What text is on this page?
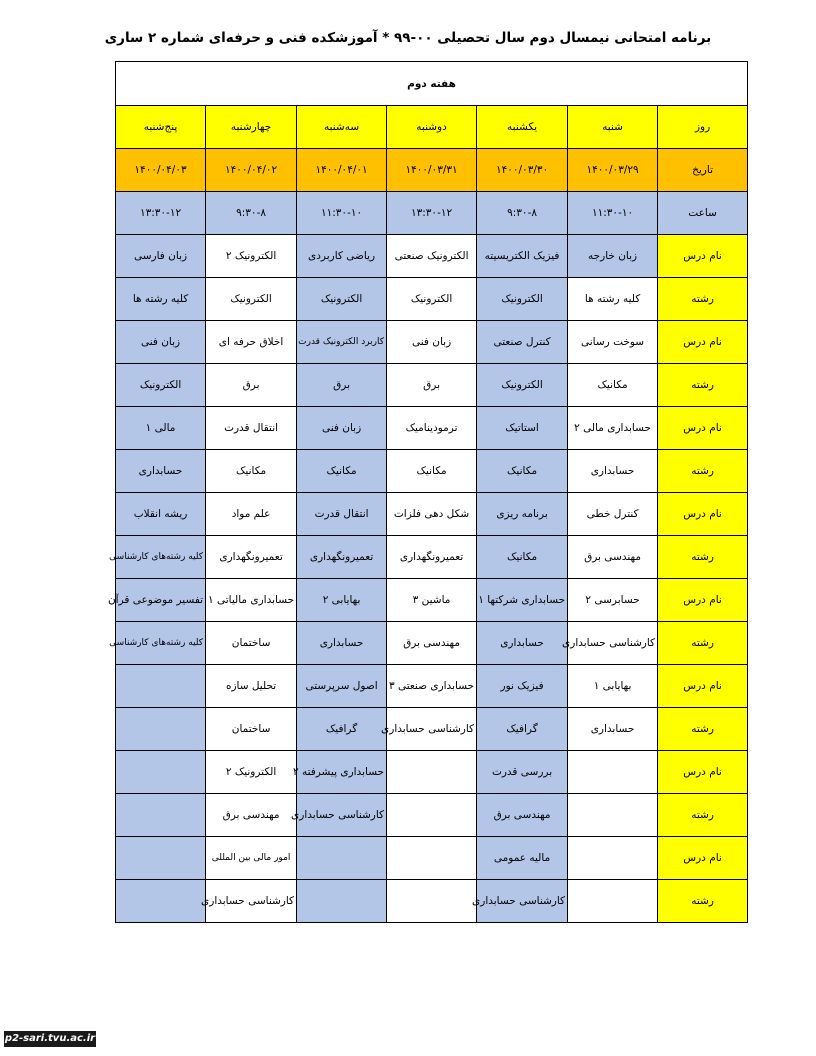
برنامه امتحانی نیمسال دوم سال تحصیلی ۰۰-۹۹ * آموزشکده فنی و حرفه‌ای شماره ۲ ساری
هفته دوم						
روز	شنبه	یکشنبه	دوشنبه	سه‌شنبه	چهارشنبه	پنج‌شنبه
تاریخ	۱۴۰۰/۰۳/۲۹	۱۴۰۰/۰۳/۳۰	۱۴۰۰/۰۳/۳۱	۱۴۰۰/۰۴/۰۱	۱۴۰۰/۰۴/۰۲	۱۴۰۰/۰۴/۰۳
ساعت	۱۱:۳۰-۱۰	۹:۳۰-۸	۱۳:۳۰-۱۲	۱۱:۳۰-۱۰	۹:۳۰-۸	۱۳:۳۰-۱۲
نام درس	زبان خارجه	فیزیک الکتریسیته	الکترونیک صنعتی	ریاضی کاربردی	الکترونیک ۲	زبان فارسی
رشته	کلیه رشته ها	الکترونیک	الکترونیک	الکترونیک	الکترونیک	کلیه رشته ها
نام درس	سوخت رسانی	کنترل صنعتی	زبان فنی	کاربرد الکترونیک قدرت	اخلاق حرفه ای	زبان فنی
رشته	مکانیک	الکترونیک	برق	برق	برق	الکترونیک
نام درس	حسابداری مالی ۲	استاتیک	ترمودینامیک	زبان فنی	انتقال قدرت	مالی ۱
رشته	حسابداری	مکانیک	مکانیک	مکانیک	مکانیک	حسابداری
نام درس	کنترل خطی	برنامه ریزی	شکل دهی فلزات	انتقال قدرت	علم مواد	ریشه انقلاب
رشته	مهندسی برق	مکانیک	تعمیرونگهداری	تعمیرونگهداری	تعمیرونگهداری	کلیه رشته‌های کارشناسی
نام درس	حسابرسی ۲	حسابداری شرکتها ۱	ماشین ۳	بهایابی ۲	حسابداری مالیاتی ۱	تفسیر موضوعی قرآن
رشته	کارشناسی حسابداری	حسابداری	مهندسی برق	حسابداری	ساختمان	کلیه رشته‌های کارشناسی
نام درس	بهایابی ۱	فیزیک نور	حسابداری صنعتی ۳	اصول سرپرستی	تحلیل سازه	
رشته	حسابداری	گرافیک	کارشناسی حسابداری	گرافیک	ساختمان	
نام درس		بررسی قدرت		حسابداری پیشرفته ۲	الکترونیک ۲	
رشته		مهندسی برق		کارشناسی حسابداری	مهندسی برق	
نام درس		مالیه عمومی			امور مالی بین المللی	
رشته		کارشناسی حسابداری			کارشناسی حسابداری	
p2-sari.tvu.ac.ir
